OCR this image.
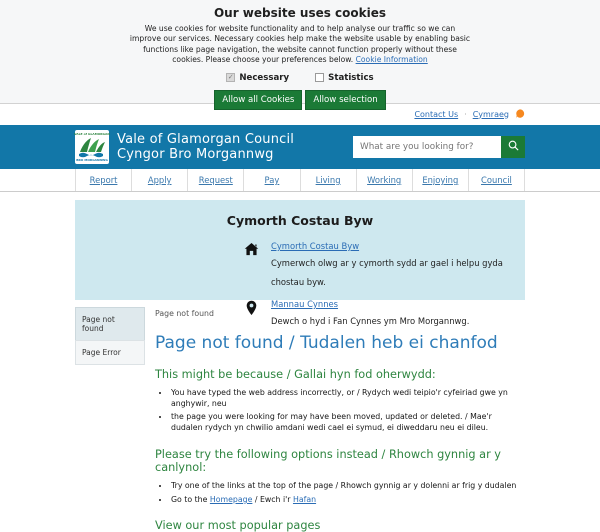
Our website uses cookies
We use cookies for website functionality and to help analyse our traffic so we can improve our services. Necessary cookies help make the website usable by enabling basic functions like page navigation, the website cannot function properly without these cookies. Please choose your preferences below. Cookie Information
✓ Necessary	Statistics
Allow all Cookies	Allow selection
Contact Us · Cymraeg
VALE of GLAMORGAN
BRO MORGANNWG
Vale of Glamorgan Council
Cyngor Bro Morgannwg
What are you looking for?
Report	Apply	Request	Pay	Living	Working	Enjoying	Council
Cymorth Costau Byw
Cymorth Costau Byw
Cymerwch olwg ar y cymorth sydd ar gael i helpu gyda chostau byw.
Mannau Cynnes
Dewch o hyd i Fan Cynnes ym Mro Morgannwg.
Page not found
Page Error
Page not found
Page not found / Tudalen heb ei chanfod
This might be because / Gallai hyn fod oherwydd:
• You have typed the web address incorrectly, or / Rydych wedi teipio'r cyfeiriad gwe yn anghywir, neu
• the page you were looking for may have been moved, updated or deleted. / Mae'r dudalen rydych yn chwilio amdani wedi cael ei symud, ei diweddaru neu ei dileu.
Please try the following options instead / Rhowch gynnig ar y canlynol:
• Try one of the links at the top of the page / Rhowch gynnig ar y dolenni ar frig y dudalen
• Go to the Homepage / Ewch i'r Hafan
View our most popular pages
